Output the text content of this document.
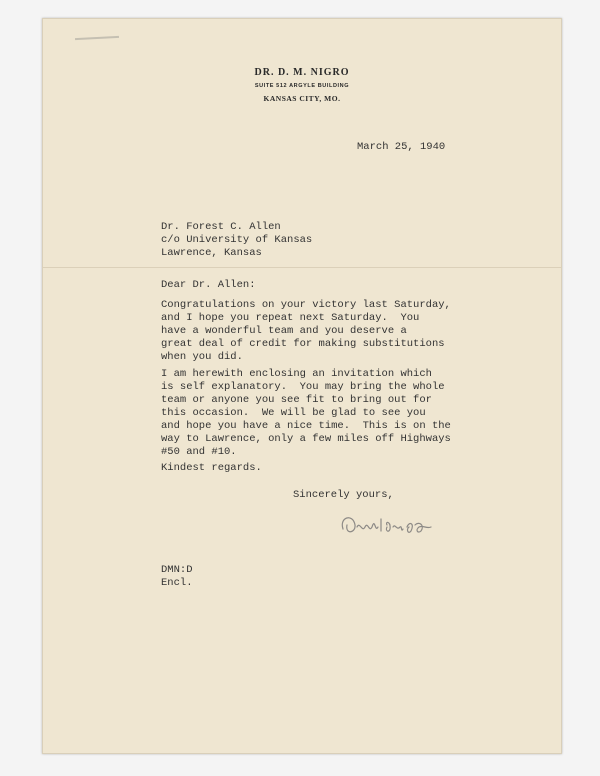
DR. D. M. NIGRO
SUITE 512 ARGYLE BUILDING
KANSAS CITY, MO.

March 25, 1940

Dr. Forest C. Allen
c/o University of Kansas
Lawrence, Kansas

Dear Dr. Allen:

Congratulations on your victory last Saturday,
and I hope you repeat next Saturday.  You
have a wonderful team and you deserve a
great deal of credit for making substitutions
when you did.
I am herewith enclosing an invitation which
is self explanatory.  You may bring the whole
team or anyone you see fit to bring out for
this occasion.  We will be glad to see you
and hope you have a nice time.  This is on the
way to Lawrence, only a few miles off Highways
#50 and #10.

Kindest regards.

Sincerely yours,

DMN:D
Encl.
